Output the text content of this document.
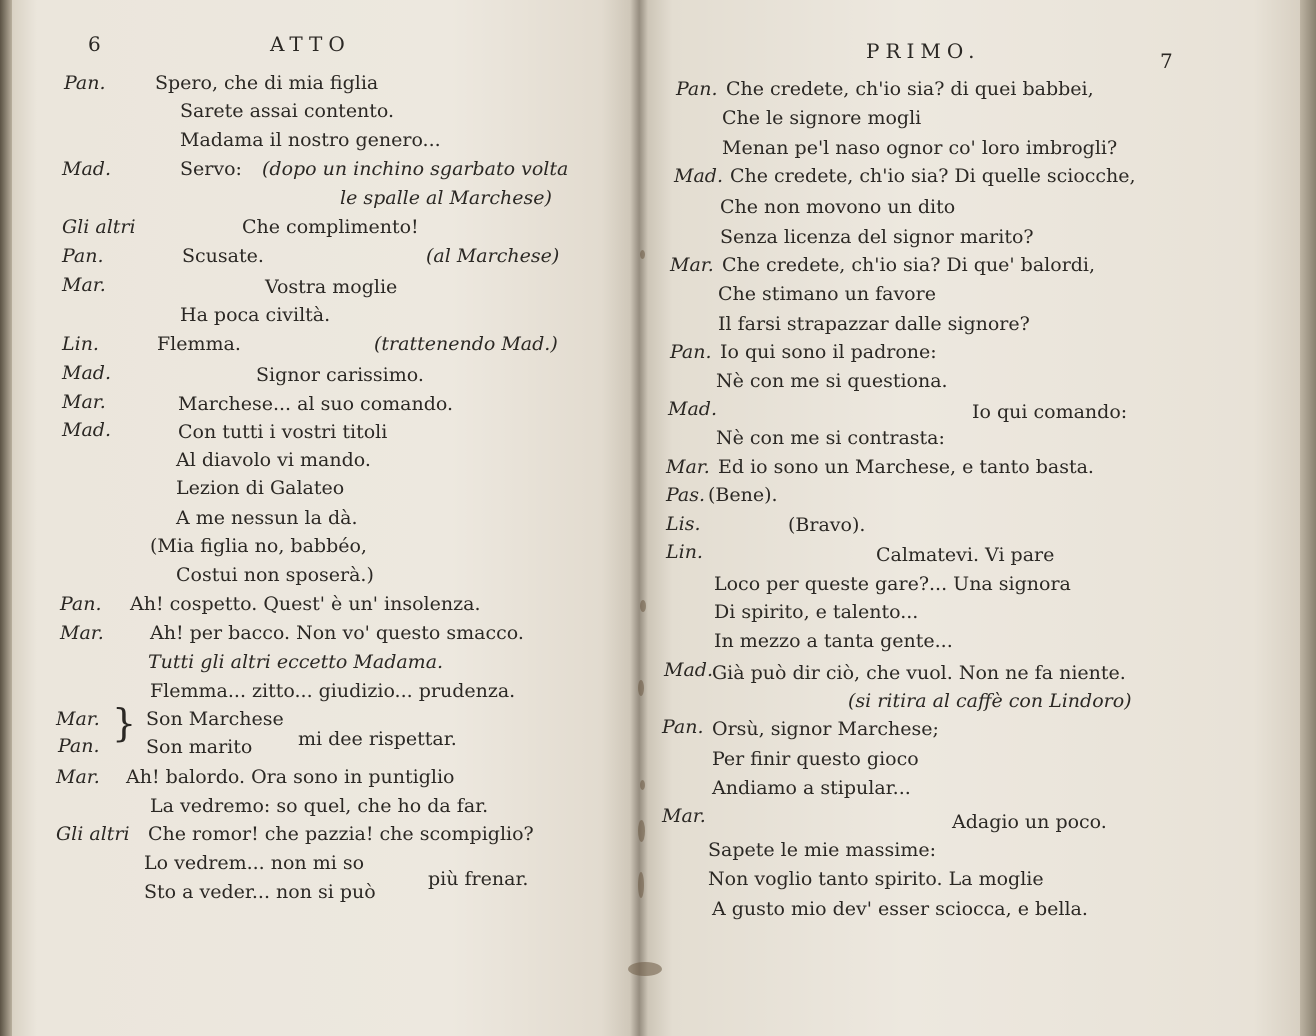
6	ATTO
Pan.	Spero, che di mia figlia
Sarete assai contento.
Madama il nostro genero...
Mad.	Servo: (dopo un inchino sgarbato volta
le spalle al Marchese)
Gli altri	Che complimento!
Pan.	Scusate.	(al Marchese)
Mar.	Vostra moglie
Ha poca civiltà.
Lin.	Flemma.	(trattenendo Mad.)
Mad.	Signor carissimo.
Mar.	Marchese... al suo comando.
Mad.	Con tutti i vostri titoli
Al diavolo vi mando.
Lezion di Galateo
A me nessun la dà.
(Mia figlia no, babbéo,
Costui non sposerà.)
Pan. Ah! cospetto. Quest' è un' insolenza.
Mar. Ah! per bacco. Non vo' questo smacco.
Tutti gli altri eccetto Madama.
Flemma... zitto... giudizio... prudenza.
Mar. Son Marchese
Pan. Son marito
}	mi dee rispettar.
Mar. Ah! balordo. Ora sono in puntiglio
La vedremo: so quel, che ho da far.
Gli altri Che romor! che pazzia! che scompiglio?
Lo vedrem... non mi so
Sto a veder... non si può
più frenar.
PRIMO.	7
Pan. Che credete, ch'io sia? di quei babbei,
Che le signore mogli
Menan pe'l naso ognor co' loro imbrogli?
Mad. Che credete, ch'io sia? Di quelle sciocche,
Che non movono un dito
Senza licenza del signor marito?
Mar. Che credete, ch'io sia? Di que' balordi,
Che stimano un favore
Il farsi strapazzar dalle signore?
Pan. Io qui sono il padrone:
Nè con me si questiona.
Mad.	Io qui comando:
Nè con me si contrasta:
Mar. Ed io sono un Marchese, e tanto basta.
Pas. (Bene).
Lis.	(Bravo).
Lin.	Calmatevi. Vi pare
Loco per queste gare?... Una signora
Di spirito, e talento...
In mezzo a tanta gente...
Mad. Già può dir ciò, che vuol. Non ne fa niente.
(si ritira al caffè con Lindoro)
Pan. Orsù, signor Marchese;
Per finir questo gioco
Andiamo a stipular...
Mar.	Adagio un poco.
Sapete le mie massime:
Non voglio tanto spirito. La moglie
A gusto mio dev' esser sciocca, e bella.
